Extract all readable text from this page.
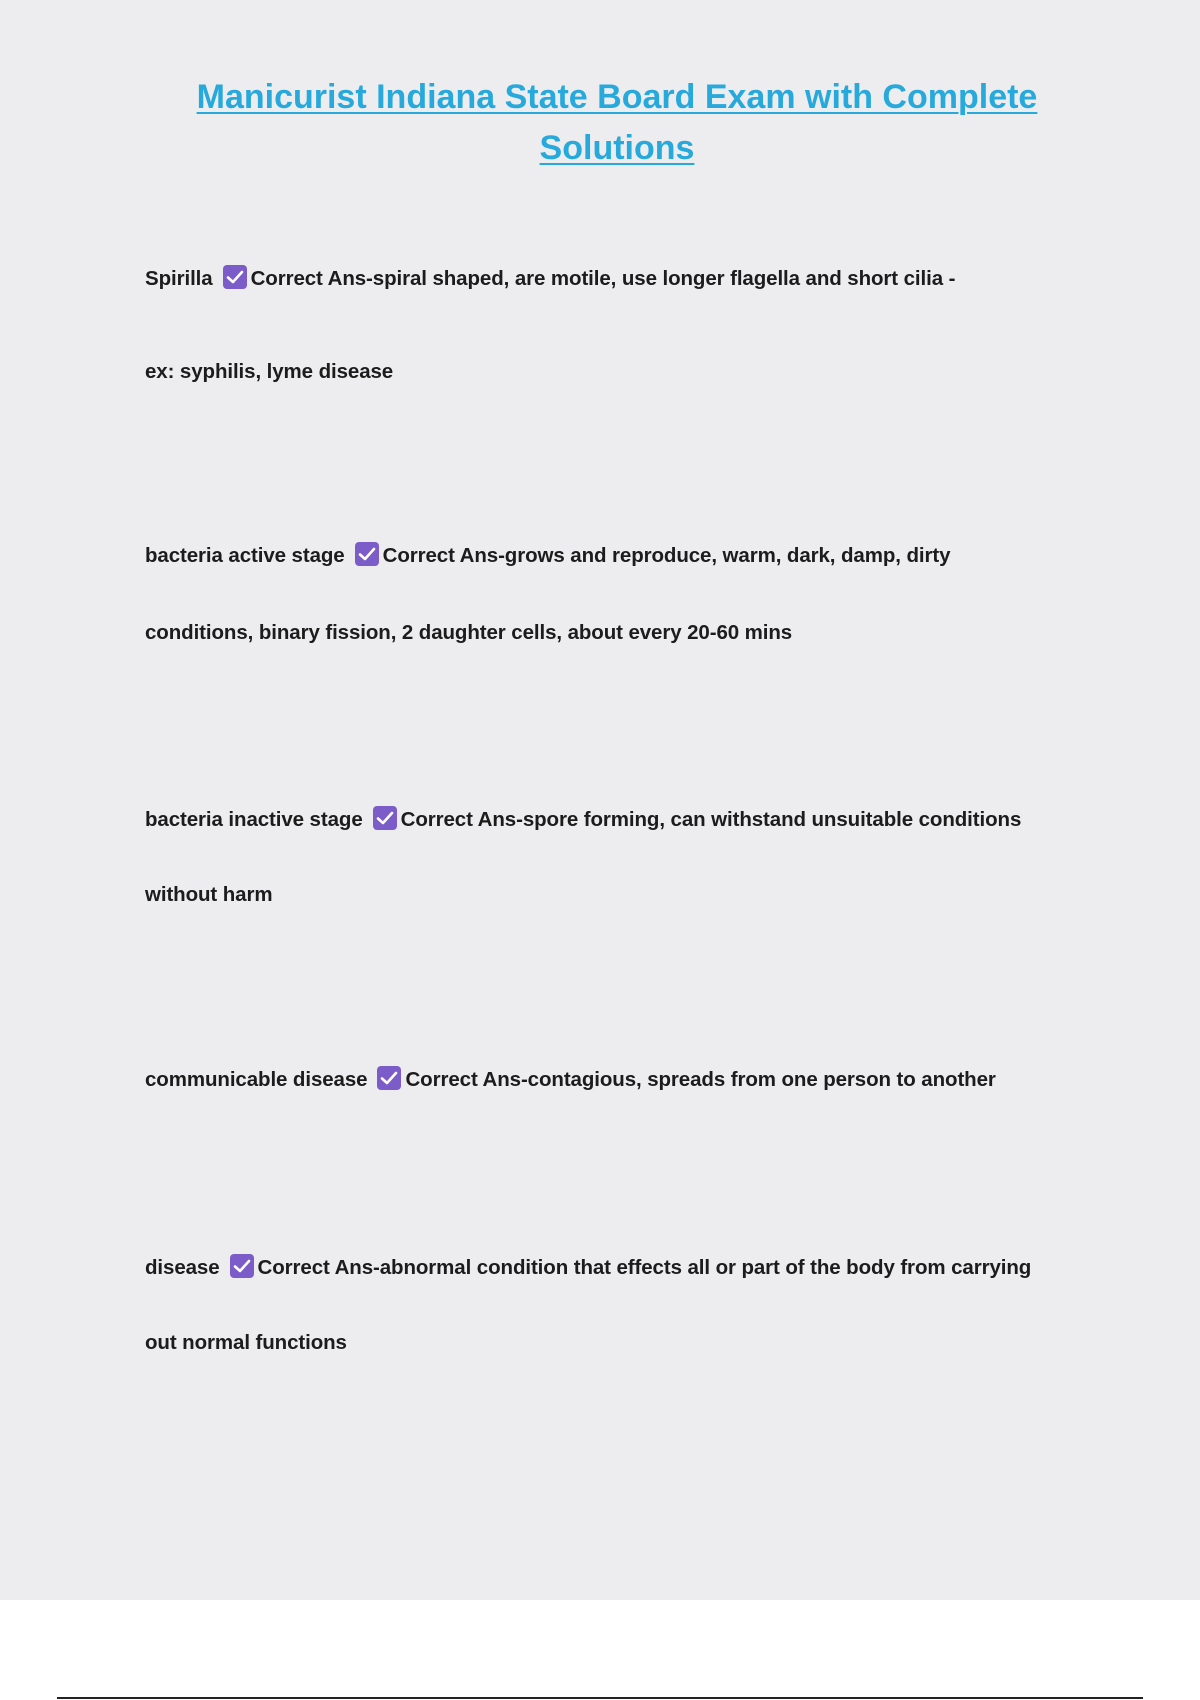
Manicurist Indiana State Board Exam with Complete Solutions
Spirilla Correct Ans-spiral shaped, are motile, use longer flagella and short cilia -
ex: syphilis, lyme disease
bacteria active stage Correct Ans-grows and reproduce, warm, dark, damp, dirty
conditions, binary fission, 2 daughter cells, about every 20-60 mins
bacteria inactive stage Correct Ans-spore forming, can withstand unsuitable conditions
without harm
communicable disease Correct Ans-contagious, spreads from one person to another
disease Correct Ans-abnormal condition that effects all or part of the body from carrying
out normal functions
